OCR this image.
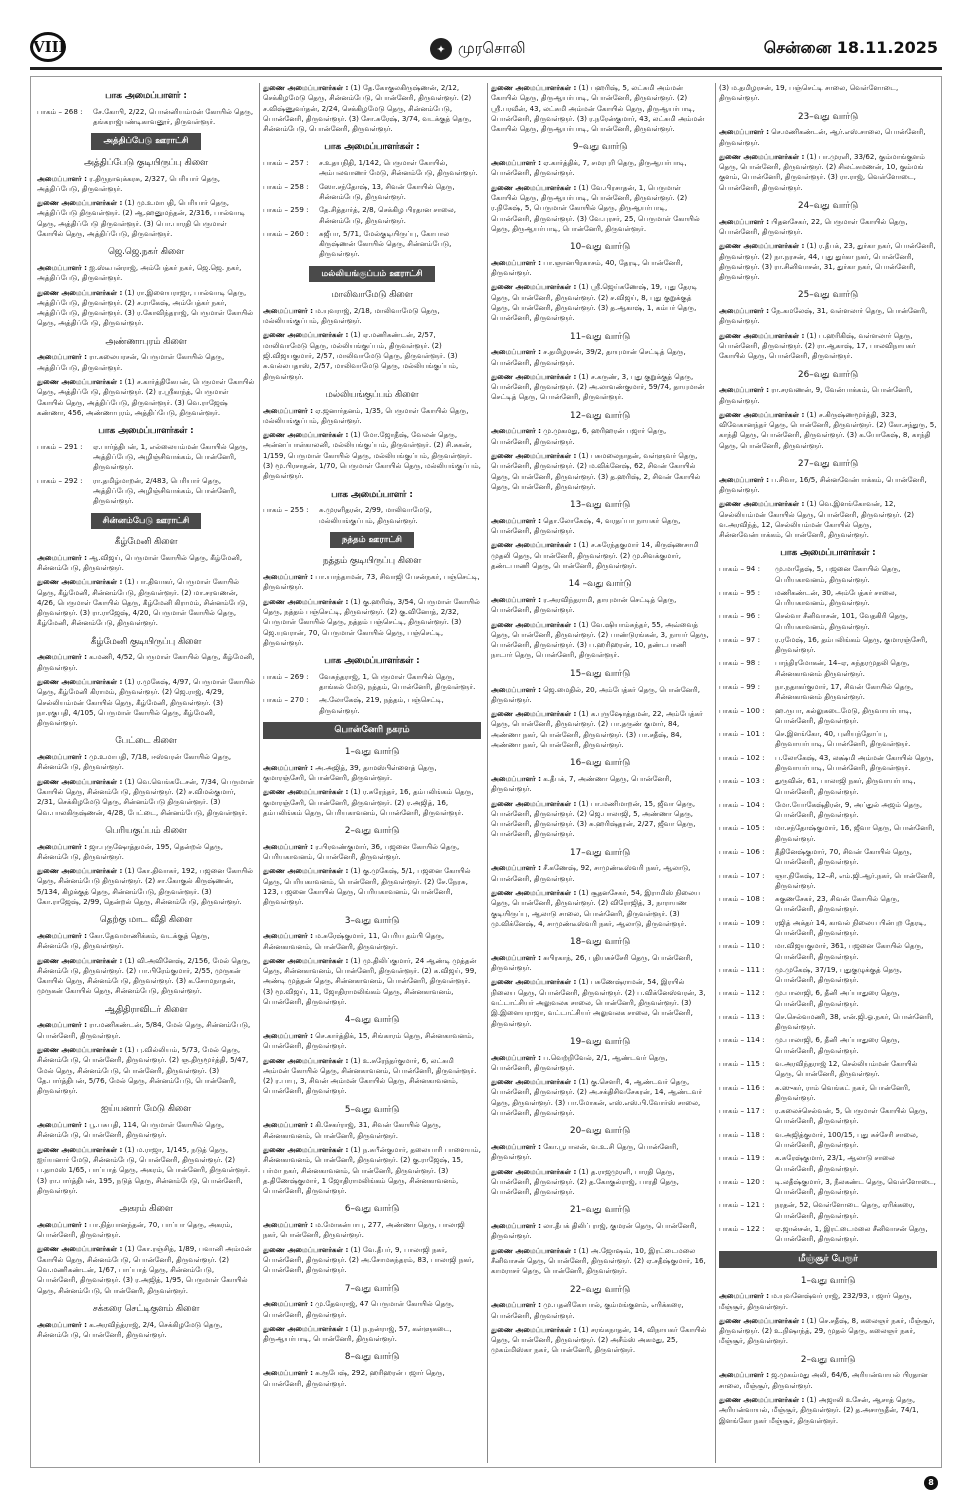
VIII	✦ முரசொலி	சென்னை 18.11.2025
பாக அமைப்பாளர் :
பாகம் – 268 :	சே.கோபி, 2/22, பொன்னியம்மன் கோயில் தெரு, தங்கராஜ்பண்டிகாவனூர், திருவள்ளூர்.
அத்திப்பேடு ஊராட்சி
அத்திப்பேடு குடியிருப்பு கிளை
அமைப்பாளர் : ர.திருநாவுக்கரசு, 2/327, பெரியார் தெரு, அத்திப்பேடு, திருவள்ளூர்.
துணை அமைப்பாளர்கள் : (1) மு.உமாபதி, பெரியார் தெரு, அத்திப்பேடு திருவள்ளூர். (2) ஆ.ஹனுமந்தன், 2/316, பால்வாடி தெரு, அத்திப்பேடு திருவள்ளூர். (3) பொ.பாரதி பெருமாள் கோயில் தெரு, அத்திப்பேடு, திருவள்ளூர்.
ஜெ.ஜெ.நகர் கிளை
அமைப்பாளர் : ஐ.ஸ்டீபன்ராஜ், அம்பேத்கர் நகர், ஜெ.ஜெ. நகர், அத்திப்பேடு, திருவள்ளூர்.
துணை அமைப்பாளர்கள் : (1) ரா.இளையராஜா, பால்வாடி தெரு, அத்திப்பேடு, திருவள்ளூர். (2) ச.ராகேஷ், அம்பேத்கர் நகர், அத்திப்பேடு, திருவள்ளூர். (3) ர.கோவிந்தராஜ், பெருமாள் கோயில் தெரு, அத்திப்பேடு, திருவள்ளூர்.
அண்ணாபுரம் கிளை
அமைப்பாளர் : ரா.கலையரசன், பெருமாள் கோயில் தெரு, அத்திப்பேடு, திருவள்ளூர்.
துணை அமைப்பாளர்கள் : (1) ச.கார்த்திகேயன், பெருமாள் கோயில் தெரு, அத்திப்பேடு, திருவள்ளூர். (2) ர.ஸ்ரீகாந்த், பெருமாள் கோயில் தெரு, அத்திப்பேடு, திருவள்ளூர். (3) வெ.ராஜேஷ் கண்ணா, 456, அண்ணாபுரம், அத்திப்பேடு, திருவள்ளூர்.
பாக அமைப்பாளர்கள் :
பாகம் – 291 :	ஏ.பார்த்திபன், 1, எல்லையம்மன் கோயில் தெரு, அத்திப்பேடு, அழிஞ்சிவாக்கம், பொன்னேரி, திருவள்ளூர்.
பாகம் – 292 :	ரா.தமிழ்மாறன், 2/483, பெரியார் தெரு, அத்திப்பேடு, அழிஞ்சிவாக்கம், பொன்னேரி, திருவள்ளூர்.
சின்னம்பேடு ஊராட்சி
கீழ்மேனி கிளை
அமைப்பாளர் : ஆ.விஜய், பெருமாள் கோயில் தெரு, கீழ்மேனி, சின்னம்பேடு, திருவள்ளூர்.
துணை அமைப்பாளர்கள் : (1) பா.திவாகர், பெருமாள் கோயில் தெரு, கீழ்மேனி, சின்னம்பேடு, திருவள்ளூர். (2) மா.சரவணன், 4/26, பெருமாள் கோயில் தெரு, கீழ்மேனி கிராமம், சின்னம்பேடு, திருவள்ளூர். (3) ரா.ராஜேஷ், 4/20, பெருமாள் கோயில் தெரு, கீழ்மேனி, சின்னம்பேடு, திருவள்ளூர்.
கீழ்மேனி குடியிருப்பு கிளை
அமைப்பாளர் : க.மணி, 4/52, பெருமாள் கோயில் தெரு, கீழ்மேனி, திருவள்ளூர்.
துணை அமைப்பாளர்கள் : (1) ர.முகேஷ், 4/97, பெருமாள் கோயில் தெரு, கீழ்மேனி கிராமம், திருவள்ளூர். (2) ஜெ.ராஜ், 4/29, செல்லியம்மன் கோயில் தெரு, கீழ்மேனி, திருவள்ளூர். (3) நா.ரகுபதி, 4/105, பெருமாள் கோயில் தெரு, கீழ்மேனி, திருவள்ளூர்.
பேட்டை கிளை
அமைப்பாளர் : மு.உமாபதி, 7/18, ஈஸ்வரன் கோயில் தெரு, சின்னம்பேடு, திருவள்ளூர்.
துணை அமைப்பாளர்கள் : (1) வெ.வெங்கடேசன், 7/34, பெருமாள் கோயில் தெரு, சின்னம்பேடு, திருவள்ளூர். (2) ச.விமல்குமார், 2/31, செக்கிழமேடு தெரு, சின்னம்பேடு திருவள்ளூர். (3) வெ.பாலகிருஷ்ணன், 4/28, பேட்டை, சின்னம்பேடு, திருவள்ளூர்.
பெரியகுப்பம் கிளை
அமைப்பாளர் : ஜா.புருஷோத்தமன், 195, தென்றல் தெரு, சின்னம்பேடு, திருவள்ளூர்.
துணை அமைப்பாளர்கள் : (1) கோ.திவாகர், 192, பஜனை கோயில் தெரு, சின்னம்பேடு திருவள்ளூர். (2) சா.கோகுல் கிருஷ்ணன், 5/134, கிழக்குத் தெரு, சின்னம்பேடு, திருவள்ளூர். (3) கோ.ராஜேஷ், 2/99, தென்றல் தெரு, சின்னம்பேடு, திருவள்ளூர்.
தெற்கு மாட வீதி கிளை
அமைப்பாளர் : கோ.தேவமாணிக்கம், வடக்குத் தெரு, சின்னம்பேடு, திருவள்ளூர்.
துணை அமைப்பாளர்கள் : (1) வி.அவினேஷ், 2/156, மேல் தெரு, சின்னம்பேடு, திருவள்ளூர். (2) பா.பிரேம்குமார், 2/55, முருகன் கோயில் தெரு, சின்னம்பேடு, திருவள்ளூர். (3) க.சோமநாதன், முருகன் கோயில் தெரு, சின்னம்பேடு, திருவள்ளூர்.
ஆதிதிராவிடர் கிளை
அமைப்பாளர் : ரா.மணிகண்டன், 5/84, மேல் தெரு, சின்னம்பேடு, பொன்னேரி, திருவள்ளூர்.
துணை அமைப்பாளர்கள் : (1) பு.வில்லியம், 5/73, மேல் தெரு, சின்னம்பேடு, பொன்னேரி, திருவள்ளூர். (2) ஞ.திருமூர்த்தி, 5/47, மேல் தெரு, சின்னம்பேடு, பொன்னேரி, திருவள்ளூர். (3) தே.பார்த்திபன், 5/76, மேல் தெரு, சின்னம்பேடு, பொன்னேரி, திருவள்ளூர்.
ஐய்யனார் மேடு கிளை
அமைப்பாளர் : பூ.பசுபதி, 114, பெருமாள் கோயில் தெரு, சின்னம்பேடு, பொன்னேரி, திருவள்ளூர்.
துணை அமைப்பாளர்கள் : (1) ம.ராஜா, 1/145, நடுத் தெரு, ஐய்யனார் மேடு, சின்னம்பேடு, பொன்னேரி, திருவள்ளூர். (2) ப.தாமஸ் 1/65, பாப்பாத் தெரு, அகரம், பொன்னேரி, திருவள்ளூர். (3) ரா.பார்த்திபன், 195, நடுத் தெரு, சின்னம்பேடு, பொன்னேரி, திருவள்ளூர்.
அகரம் கிளை
அமைப்பாளர் : பா.நித்யானந்தன், 70, பாப்பா தெரு, அகரம், பொன்னேரி, திருவள்ளூர்.
துணை அமைப்பாளர்கள் : (1) கோ.ரஞ்சித், 1/89, பவானி அம்மன் கோயில் தெரு, சின்னம்பேடு, பொன்னேரி, திருவள்ளூர். (2) வெ.மணிகண்டன், 1/67, பாப்பாத் தெரு, சின்னம்பேடு, பொன்னேரி, திருவள்ளூர். (3) ர.அஜித், 1/95, பெருமாள் கோயில் தெரு, சின்னம்பேடு, பொன்னேரி, திருவள்ளூர்.
சக்கரை செட்டிகுளம் கிளை
அமைப்பாளர் : க.அரவிந்த்ராஜ், 2/4, செக்கிழமேடு தெரு, சின்னம்பேடு, பொன்னேரி, திருவள்ளூர்.
துணை அமைப்பாளர்கள் : (1) தே.கோகுலகிருஷ்ணன், 2/12, செக்கிழமேடு தெரு, சின்னம்பேடு, பொன்னேரி, திருவள்ளூர். (2) ச.விஷ்ணுவர்தன், 2/24, செக்கிழமேடு தெரு, சின்னம்பேடு, பொன்னேரி, திருவள்ளூர். (3) சோ.சுரேஷ், 3/74, வடக்குத் தெரு, சின்னம்பேடு, பொன்னேரி, திருவள்ளூர்.
பாக அமைப்பாளர்கள் :
பாகம் – 257 :	ச.உதயநிதி, 1/142, பெருமாள் கோயில், அம்பலவாணர் மேடு, சின்னம்பேடு, திருவள்ளூர்.
பாகம் – 258 :	ஸோ.சந்தோஷ், 13, சிவன் கோயில் தெரு, சின்னம்பேடு, திருவள்ளூர்.
பாகம் – 259 :	தே.சித்தார்த், 2/8, செக்கிழ பிரதான சாலை, சின்னம்பேடு, திருவள்ளூர்.
பாகம் – 260 :	சுஜீபா, 5/71, மேல்குடியிருப்பு, கோபால கிருஷ்ணன் கோயில் தெரு, சின்னம்பேடு, திருவள்ளூர்.
மல்லியங்குப்பம் ஊராட்சி
மாலிவாமேடு கிளை
அமைப்பாளர் : ம.யுவராஜ், 2/18, மாலிவாமேடு தெரு, மல்லியங்குப்பம், திருவள்ளூர்.
துணை அமைப்பாளர்கள் : (1) ஏ.மணிகண்டன், 2/57, மாலிவாமேடு தெரு, மல்லியங்குப்பம், திருவள்ளூர். (2) ஜி.விஜயகுமார், 2/57, மாலிவாமேடு தெரு, திருவள்ளூர். (3) சு.வல்லபதாஸ், 2/57, மாலிவாமேடு தெரு, மல்லியங்குப்பம், திருவள்ளூர்.
மல்லியங்குப்பம் கிளை
அமைப்பாளர் : ஏ.ஜனார்தனம், 1/35, பெருமாள் கோயில் தெரு, மல்லியங்குப்பம், திருவள்ளூர்.
துணை அமைப்பாளர்கள் : (1) மோ.ஜோதீஷ், வேலன் தெரு, அன்னப்பாள்காலனி, மல்லியங்குப்பம், திருவள்ளூர். (2) சி.சுகன், 1/159, பெருமாள் கோயில் தெரு, மல்லியங்குப்பம், திருவள்ளூர். (3) மூ.பிரசாதன், 1/70, பெருமாள் கோயில் தெரு, மல்லியங்குப்பம், திருவள்ளூர்.
பாக அமைப்பாளர் :
பாகம் – 255 :	சு.முரளிதரன், 2/99, மாலிவாமேடு, மல்லியங்குப்பம், திருவள்ளூர்.
நத்தம் ஊராட்சி
நத்தம் குடியிருப்பு கிளை
அமைப்பாளர் : பா.யாந்தாமன், 73, சிவாஜி பேசன்நகர், பஞ்செட்டி, திருவள்ளூர்.
துணை அமைப்பாளர்கள் : (1) கு.ஹரிஷ், 3/54, பெருமாள் கோயில் தெரு, நத்தம் பஞ்செட்டி, திருவள்ளூர். (2) கு.வினோத், 2/32, பெருமாள் கோயில் தெரு, நத்தம் பஞ்செட்டி, திருவள்ளூர். (3) ஜெ.யுவரான், 70, பெருமாள் கோயில் தெரு, பஞ்செட்டி, திருவள்ளூர்.
பாக அமைப்பாளர்கள் :
பாகம் – 269 :	வேசுந்தராஜ், 1, பெருமாள் கோயில் தெரு, தாங்கல் மேடு, நத்தம், பொன்னேரி, திருவள்ளூர்.
பாகம் – 270 :	அ.லோகேஷ், 219, நத்தம், பஞ்செட்டி, திருவள்ளூர்.
பொன்னேரி நகரம்
1–வது வார்டு
அமைப்பாளர் : அ.அஜித், 39, தாமஸ்பிள்ளைத் தெரு, குமாரஞ்சேரி, பொன்னேரி, திருவள்ளூர்.
துணை அமைப்பாளர்கள் : (1) ர.சுரேந்தர், 16, தம்பலிங்கம் தெரு, குமாரஞ்சேரி, பொன்னேரி, திருவள்ளூர். (2) ர.அஜித், 16, தம்பலிங்கம் தெரு, பெரியகாவனம், பொன்னேரி, திருவள்ளூர்.
2–வது வார்டு
அமைப்பாளர் : ர.பிரவண்குமார், 36, பஜனை கோயில் தெரு, பெரியகாவனம், பொன்னேரி, திருவள்ளூர்.
துணை அமைப்பாளர்கள் : (1) கு.முகேஷ், 5/1, பஜனை கோயில் தெரு, பெரியகாவனம், பொன்னேரி, திருவள்ளூர். (2) சே.நேரசு, 123, பஜனை கோயில் தெரு, பெரியகாவனம், பொன்னேரி, திருவள்ளூர்.
3–வது வார்டு
அமைப்பாளர் : ம.சுரேஷ்குமார், 11, பெரிய தம்பி தெரு, சின்னகாவனம், பொன்னேரி, திருவள்ளூர்.
துணை அமைப்பாளர்கள் : (1) மு.திலிப்குமார், 24 ஆண்டி முத்தன் தெரு, சின்னகாவனம், பொன்னேரி, திருவள்ளூர். (2) க.விஜய், 99, அண்டி முத்தன் தெரு, சின்னகாவனம், பொன்னேரி, திருவள்ளூர். (3) மூ.விஜய், 11, ஜோதிராமலிங்கம் தெரு, சின்னகாவனம், பொன்னேரி, திருவள்ளூர்.
4–வது வார்டு
அமைப்பாளர் : செ.கார்த்திக், 15, சிங்காரம் தெரு, சின்னகாவனம், பொன்னேரி, திருவள்ளூர்.
துணை அமைப்பாளர்கள் : (1) உ.சுரேந்தர்குமார், 6, லட்சுமி அம்மன் கோயில் தெரு, சின்னகாவனம், பொன்னேரி, திருவள்ளூர். (2) ர.பாபு, 3, சிவன் அம்மன் கோயில் தெரு, சின்னகாவனம், பொன்னேரி, திருவள்ளூர்.
5–வது வார்டு
அமைப்பாளர் : கி.சேகர்ராஜ், 31, சிவன் கோயில் தெரு, சின்னகாவனம், பொன்னேரி, திருவள்ளூர்.
துணை அமைப்பாளர்கள் : (1) ந.சுபீன்குமார், தலையாரி பாளையம், சின்னகாவனம், பொன்னேரி, திருவள்ளூர். (2) கு.ராஜேஷ், 15, பர்மா நகர், சின்னகாவனம், பொன்னேரி, திருவள்ளூர். (3) த.திணேஷ்குமார், 1 ஜோதிராமலிங்கம் தெரு, சின்னகாவனம், பொன்னேரி, திருவள்ளூர்.
6–வது வார்டு
அமைப்பாளர் : ம.மோகன்பாபு, 277, அண்ணா தெரு, பாலாஜி நகர், பொன்னேரி, திருவள்ளூர்.
துணை அமைப்பாளர்கள் : (1) வே.தீபர், 9, பாலாஜி நகர், பொன்னேரி, திருவள்ளூர். (2) அ.சோமசுந்தரம், 83, பாலாஜி நகர், பொன்னேரி, திருவள்ளூர்.
7–வது வார்டு
அமைப்பாளர் : மு.தேவராஜ், 47 பெருமாள் கோயில் தெரு, பொன்னேரி, திருவள்ளூர்.
துணை அமைப்பாளர்கள் : (1) ந.நன்ராஜ், 57, கள்ளுகடை, திருஆயர்பாடி, பொன்னேரி, திருவள்ளூர்.
8–வது வார்டு
அமைப்பாளர் : சு.ரூபேஷ், 292, ஹரிஹரன் பஜார் தெரு, பொன்னேரி, திருவள்ளூர்.
துணை அமைப்பாளர்கள் : (1) பஹரிஷ், 5, லட்சுமி அம்மன் கோயில் தெரு, திருஆயர்பாடி, பொன்னேரி, திருவள்ளூர். (2) ஸ்ரீ.பரவீன், 43, லட்சுமி அம்மன் கோயில் தெரு, திருஆயர்பாடி, பொன்னேரி, திருவள்ளூர். (3) ர.நரேன்குமார், 43, லட்சுமி அம்மன் கோயில் தெரு, திருஆயர்பாடி, பொன்னேரி, திருவள்ளூர்.
9–வது வார்டு
அமைப்பாளர் : ஏ.கார்த்திக், 7, சமரபுரி தெரு, திருஆயர்பாடி, பொன்னேரி, திருவள்ளூர்.
துணை அமைப்பாளர்கள் : (1) வே.பிரசாதன், 1, பெருமாள் கோயில் தெரு, திருஆயர்பாடி, பொன்னேரி, திருவள்ளூர். (2) ர.நிகேஷ், 5, பெருமாள் கோயில் தெரு, திருஆயர்பாடி, பொன்னேரி, திருவள்ளூர். (3) வே.புரசர், 25, பெருமாள் கோயில் தெரு, திருஆயர்பாடி, பொன்னேரி, திருவள்ளூர்.
10–வது வார்டு
அமைப்பாளர் : பா.ஞானபிரகாசம், 40, தேரடி, பொன்னேரி, திருவள்ளூர்.
துணை அமைப்பாளர்கள் : (1) ஸ்ரீ.ஜெய்கணேஷ், 19, புது தேரடி தெரு, பொன்னேரி, திருவள்ளூர். (2) ச.விஜய், 8, புது குறுக்குத் தெரு, பொன்னேரி, திருவள்ளூர். (3) த.ஆகாஷ், 1, கம்பர் தெரு, பொன்னேரி, திருவள்ளூர்.
11–வது வார்டு
அமைப்பாளர் : ச.தமிழரசன், 39/2, தாயுமான் செட்டித் தெரு, பொன்னேரி, திருவள்ளூர்.
துணை அமைப்பாளர்கள் : (1) ச.கருண், 3, புது குறுக்குத் தெரு, பொன்னேரி, திருவள்ளூர். (2) அ.லாவண்குமார், 59/74, தாயுமான் செட்டித் தெரு, பொன்னேரி, திருவள்ளூர்.
12–வது வார்டு
அமைப்பாளர் : மு.முகமது, 6, ஹரிஹரன் பஜார் தெரு, பொன்னேரி, திருவள்ளூர்.
துணை அமைப்பாளர்கள் : (1) பசுமலைநாதன், வள்ளுவர் தெரு, பொன்னேரி, திருவள்ளூர். (2) ம.விக்னேஷ், 62, சிவன் கோயில் தெரு, பொன்னேரி, திருவள்ளூர். (3) த.ஹரிஷ், 2, சிவன் கோயில் தெரு, பொன்னேரி, திருவள்ளூர்.
13–வது வார்டு
அமைப்பாளர் : தொ.லோகேஷ், 4, வரதப்பா நாயகர் தெரு, பொன்னேரி, திருவள்ளூர்.
துணை அமைப்பாளர்கள் : (1) ச.சுரேந்தகுமார் 14, கிருஷ்ணசாமி முதலி தெரு, பொன்னேரி, திருவள்ளூர். (2) மு.சிவக்குமார், தண்டபாணி தெரு, பொன்னேரி, திருவள்ளூர்.
14 –வது வார்டு
அமைப்பாளர் : ர.அரவிந்தராமி, தாயுமான் செட்டித் தெரு, பொன்னேரி, திருவள்ளூர்.
துணை அமைப்பாளர்கள் : (1) வே.ஷியாம்சுந்தர், 55, அவ்வைத் தெரு, பொன்னேரி, திருவள்ளூர். (2) பாண்டுரங்கன், 3, நாயர் தெரு, பொன்னேரி, திருவள்ளூர். (3) ப.ஹரிஹரன், 10, தண்டபாணி நாடார் தெரு, பொன்னேரி, திருவள்ளூர்.
15–வது வார்டு
அமைப்பாளர் : ஜெ.மைதில், 20, அம்பேத்கர் தெரு, பொன்னேரி, திருவள்ளூர்.
துணை அமைப்பாளர்கள் : (1) க.புருஷோத்தமன், 22, அம்பேத்கர் தெரு, பொன்னேரி, திருவள்ளூர். (2) பா.தருண் குமார், 84, அண்ணா நகர், பொன்னேரி, திருவள்ளூர். (3) பா.சதீஷ், 84, அண்ணா நகர், பொன்னேரி, திருவள்ளூர்.
16–வது வார்டு
அமைப்பாளர் : க.தீபக், 7, அண்ணா தெரு, பொன்னேரி, திருவள்ளூர்.
துணை அமைப்பாளர்கள் : (1) பா.மணிமாறன், 15, ஜீவா தெரு, பொன்னேரி, திருவள்ளூர். (2) ஜெ.பாலாஜி, 5, அண்ணா தெரு, பொன்னேரி, திருவள்ளூர். (3) சு.ஹரிஷ்தரன், 2/27, ஜீவா தெரு, பொன்னேரி, திருவள்ளூர்.
17–வது வார்டு
அமைப்பாளர் : சீ.கணேஷ், 92, சாமுண்டீஸ்வரி நகர், ஆலாடு, பொன்னேரி, திருவள்ளூர்.
துணை அமைப்பாளர்கள் : (1) சூதனசேகர், 54, இராமிஸ் நிலைய தெரு, பொன்னேரி, திருவள்ளூர். (2) விரோஜித், 3, நாராயண குடியிருப்பு, ஆலாடு சாலை, பொன்னேரி, திருவள்ளூர். (3) மு.விக்னேஷ், 4, சாமுண்டீஸ்வரி நகர், ஆலாடு, திருவள்ளூர்.
18–வது வார்டு
அமைப்பாளர் : சுபிரகாந், 26, புதியசுச்சேரி தெரு, பொன்னேரி, திருவள்ளூர்.
துணை அமைப்பாளர்கள் : (1) பசுணேஷ்ராமன், 54, இரயில் நிலைய தெரு, பொன்னேரி, திருவள்ளூர். (2) ப.விக்னேஸ்வரன், 3, வட்டாட்சியர் அலுவலக சாலை, பொன்னேரி, திருவள்ளூர். (3) இ.இளையராஜா, வட்டாட்சியர் அலுவலக சாலை, பொன்னேரி, திருவள்ளூர்.
19–வது வார்டு
அமைப்பாளர் : ப.வெற்றிவேல், 2/1, ஆண்டவர் தெரு, பொன்னேரி, திருவள்ளூர்.
துணை அமைப்பாளர்கள் : (1) கு.சௌரி, 4, ஆண்டவர் தெரு, பொன்னேரி, திருவள்ளூர். (2) அ.சக்திசிவசேகரன், 14, ஆண்டவர் தெரு, திருவள்ளூர். (3) பா.மோகன், எஸ்.எஸ்.பி.வோர்ஸ் சாலை, பொன்னேரி, திருவள்ளூர்.
20–வது வார்டு
அமைப்பாளர் : கோ.பூபாலன், வ.உ.சி தெரு, பொன்னேரி, திருவள்ளூர்.
துணை அமைப்பாளர்கள் : (1) த.ராஜமுரளி, பாரதி தெரு, பொன்னேரி, திருவள்ளூர். (2) த.கோகுல்ராஜ், பாரதி தெரு, பொன்னேரி, திருவள்ளூர்.
21–வது வார்டு
அமைப்பாளர் : லா.தீபக் திலிப் ராஜ், குமரன் தெரு, பொன்னேரி, திருவள்ளூர்.
துணை அமைப்பாளர்கள் : (1) அ.ஜோஷவ், 10, இரட்டைமலை சீனிவாசன் தெரு, பொன்னேரி, திருவள்ளூர். (2) ஏ.சதீஷ்குமார், 16, காமராசர் தெரு, பொன்னேரி, திருவள்ளூர்.
22–வது வார்டு
அமைப்பாளர் : மு.பதனிகோபால், கும்மங்குளம், எரிக்கரை, பொன்னேரி, திருவள்ளூர்.
துணை அமைப்பாளர்கள் : (1) சரங்கநாதன், 14, விநாயகர் கோயில் தெரு, பொன்னேரி, திருவள்ளூர். (2) அசீம்ஸ் அகமது, 25, முகம்மிஸ்கா நகர், பொன்னேரி, திருவள்ளூர்.
(3) ம.தமிழரசன், 19, பஞ்செட்டி சாலை, வெள்ளோடை, திருவள்ளூர்.
23–வது வார்டு
அமைப்பாளர் : செ.மணிகண்டன், ஆர்.எஸ்.சாலை, பொன்னேரி, திருவள்ளூர்.
துணை அமைப்பாளர்கள் : (1) பா.முரளி, 33/62, கும்மாங்குளம் தெரு, பொன்னேரி, திருவள்ளூர். (2) சிலட்சுமணன், 10, கும்மங் குளம், பொன்னேரி, திருவள்ளூர். (3) ரா.ராஜ், வெள்ளோடை, பொன்னேரி, திருவள்ளூர்.
24–வது வார்டு
அமைப்பாளர் : பிதனசேகர், 22, பெருமாள் கோயில் தெரு, பொன்னேரி, திருவள்ளூர்.
துணை அமைப்பாளர்கள் : (1) ர.தீபக், 23, துர்கா நகர், பொன்னேரி, திருவள்ளூர். (2) நா.நரசன், 44, புது துர்கா நகர், பொன்னேரி, திருவள்ளூர். (3) ரா.சினிவாசன், 31, துர்கா நகர், பொன்னேரி, திருவள்ளூர்.
25–வது வார்டு
அமைப்பாளர் : நே.கமலேஷ், 31, வள்ளலார் தெரு, பொன்னேரி, திருவள்ளூர்.
துணை அமைப்பாளர்கள் : (1) ப.ஹரிகிஷ், வள்ளலார் தெரு, பொன்னேரி, திருவள்ளூர். (2) ரா.ஆகாஷ், 17, பாலவிநாயகர் கோயில் தெரு, பொன்னேரி, திருவள்ளூர்.
26–வது வார்டு
அமைப்பாளர் : ரா.சரவணன், 9, வேன்பாக்கம், பொன்னேரி, திருவள்ளூர்.
துணை அமைப்பாளர்கள் : (1) ச.கிருஷ்ணமூர்த்தி, 323, விவேகானந்தர் தெரு, பொன்னேரி, திருவள்ளூர். (2) கோ.சந்துரு, 5, காந்தி தெரு, பொன்னேரி, திருவள்ளூர். (3) க.யோகேஷ், 8, காந்தி தெரு, பொன்னேரி, திருவள்ளூர்.
27–வது வார்டு
அமைப்பாளர் : ப.சிவா, 16/5, சின்னவேன்பாக்கம், பொன்னேரி, திருவள்ளூர்.
துணை அமைப்பாளர்கள் : (1) வெ.இளங்கோவன், 12, செல்லியம்மன் கோயில் தெரு, பொன்னேரி, திருவள்ளூர். (2) வ.அரவிந்த், 12, செல்லியம்மன் கோயில் தெரு, சின்னவேன்பாக்கம், பொன்னேரி, திருவள்ளூர்.
பாக அமைப்பாளர்கள் :
பாகம் – 94 :	மு.மாதேஷ், 5, பஜனை கோயில் தெரு, பெரியகாவனம், திருவள்ளூர்.
பாகம் – 95 :	மணிகண்டன், 30, அம்பேத்கர் சாலை, பெரியகாவனம், திருவள்ளூர்.
பாகம் – 96 :	செல்வா சீனிவாசன், 101, வேதகிரி தெரு, பெரியகாவனம், திருவள்ளூர்.
பாகம் – 97 :	ர.ரமேஷ், 16, தம்பலிங்கம் தெரு, குமாரஞ்சேரி, திருவள்ளூர்.
பாகம் – 98 :	பாந்திரமோகன், 14–ஏ, சுந்தரமுதலி தெரு, சின்னகாவனம் திருவள்ளூர்.
பாகம் – 99 :	நா.நதாகர்குமார், 17, சிவன் கோயில் தெரு, சின்னகாவனம் திருவள்ளூர்.
பாகம் – 100 :	ஹ.ருபா, கல்லுகடைமேடு, திருவாயர்பாடி, பொன்னேரி, திருவள்ளூர்.
பாகம் – 101 :	செ.இளங்கோ, 40, புளியந்தோப்பு, திருவாயர்பாடி, பொன்னேரி, திருவள்ளூர்.
பாகம் – 102 :	ப.லோகேஷ், 43, லக்ஷ்மி அம்மன் கோயில் தெரு, திருவாயர்பாடி, பொன்னேரி, திருவள்ளூர்.
பாகம் – 103 :	துருவின், 61, பாலாஜி நகர், திருவாயர்பாடி, பொன்னேரி, திருவள்ளூர்.
பாகம் – 104 :	மோ.யோகேஷ்திரன், 9, அப்துல் அஜம் தெரு, பொன்னேரி, திருவள்ளூர்.
பாகம் – 105 :	மா.சந்தோஷ்குமார், 16, ஜீவா தெரு, பொன்னேரி, திருவள்ளூர்.
பாகம் – 106 :	தீதினேஷ்குமார், 70, சிவன் கோயில் தெரு, பொன்னேரி, திருவள்ளூர்.
பாகம் – 107 :	ஞா.நிகேஷ், 12–சி, எம்.ஜி.ஆர்.நகர், பொன்னேரி, திருவள்ளூர்.
பாகம் – 108 :	சுகுணசேகர், 23, சிவன் கோயில் தெரு, பொன்னேரி, திருவள்ளூர்.
பாகம் – 109 :	ரஜித் அக்தர் 14, காவல் நிலைய பின்புற தேரடி, பொன்னேரி, திருவள்ளூர்.
பாகம் – 110 :	மா.விஜயகுமார், 361, பஜனை கோயில் தெரு, பொன்னேரி, திருவள்ளூர்.
பாகம் – 111 :	மு.முகேஷ், 37/19, புதுகுழுக்குத் தெரு, பொன்னேரி, திருவள்ளூர்.
பாகம் – 112 :	மு.பாலாஜி, 6, தீனி அப்பாதுரை தெரு, பொன்னேரி, திருவள்ளூர்.
பாகம் – 113 :	செ.செல்வமணி, 38, என்.ஜி.ஓ.நகர், பொன்னேரி, திருவள்ளூர்.
பாகம் – 114 :	மு.பாலாஜி, 6, தீனி அப்பாதுரை தெரு, பொன்னேரி, திருவள்ளூர்.
பாகம் – 115 :	வ.அரவிந்தராஜ் 12, செல்லியம்மன் கோயில் தெரு, பொன்னேரி, திருவள்ளூர்.
பாகம் – 116 :	சு.ஸுகர், ராம் வெங்கட் நகர், பொன்னேரி, திருவள்ளூர்.
பாகம் – 117 :	ர.கலைச்செல்வன், 5, பெருமாள் கோயில் தெரு, பொன்னேரி, திருவள்ளூர்.
பாகம் – 118 :	வ.அஜித்குமார், 100/15, புது சுச்சேரி சாலை, பொன்னேரி, திருவள்ளூர்.
பாகம் – 119 :	க.சுரேஷ்குமார், 23/1, ஆலாடு சாலை பொன்னேரி, திருவள்ளூர்.
பாகம் – 120 :	டி.லதீஷ்குமார், 3, நீலகண்ட தெரு, வெள்ளோடை, பொன்னேரி, திருவள்ளூர்.
பாகம் – 121 :	நரதன், 52, வெள்ளோடை தெரு, ஏரிக்கரை, பொன்னேரி, திருவள்ளூர்.
பாகம் – 122 :	ஏ.ஜான்சன், 1, இரட்டைமலை சீனிவாசன் தெரு, பொன்னேரி, திருவள்ளூர்.
மீஞ்சூர் பேரூர்
1–வது வார்டு
அமைப்பாளர் : ம.யுவனேஷ்வர் ராஜ், 232/93, பஜார் தெரு, மீஞ்சூர், திருவள்ளூர்.
துணை அமைப்பாளர்கள் : (1) செ.சதீஷ், 8, கலைஞர் நகர், மீஞ்சூர், திருவள்ளூர். (2) உ.நிஷாந்த், 29, முதல் தெரு, கலைஞர் நகர், மீஞ்சூர், திருவள்ளூர்.
2–வது வார்டு
அமைப்பாளர் : ஜ.முகம்மது அலி, 64/6, அரியன்வாயல் பிரதான சாலை, மீஞ்சூர், திருவள்ளூர்.
துணை அமைப்பாளர்கள் : (1) அஜாலி உசேன், ஆசாத் தெரு, அரியன்வாயல், மீஞ்சூர், திருவள்ளூர். (2) த.அசாருதீன், 74/1, இளங்கோ நகர் மீஞ்சூர், திருவள்ளூர்.
8
